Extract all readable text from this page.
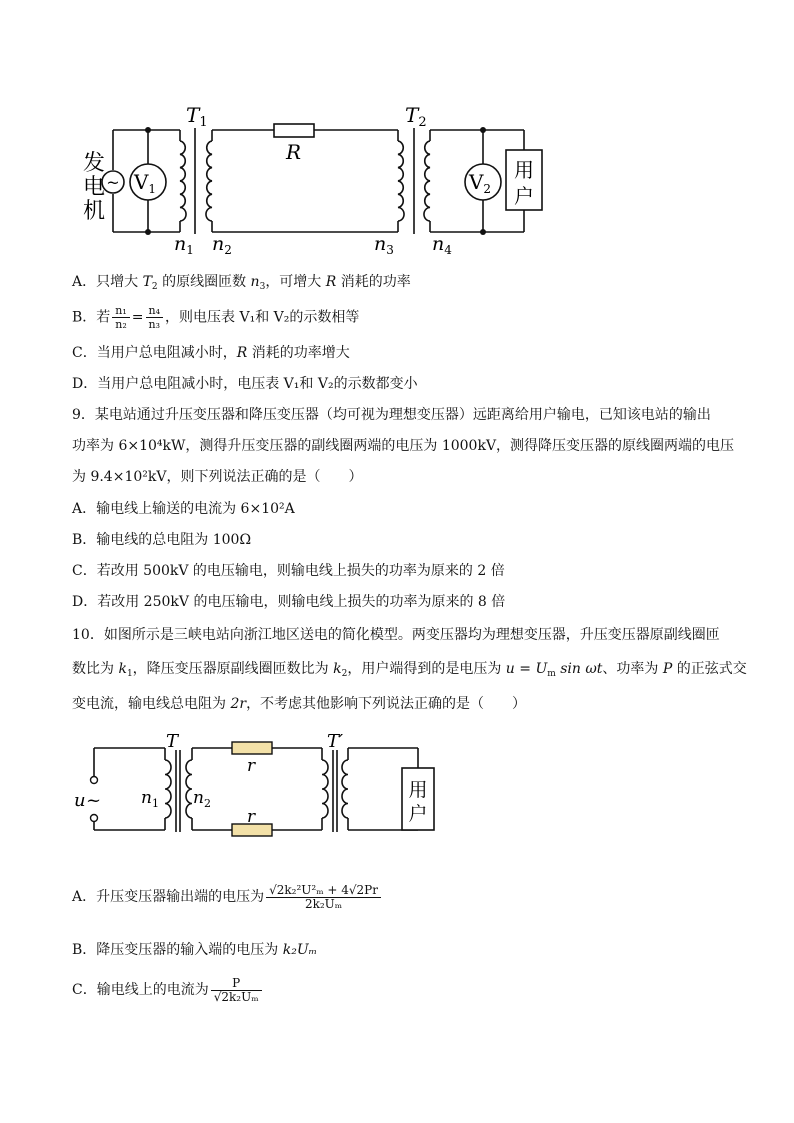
~ $V_1$	$V_2$
用
户
发
电
机
$T_1$	$T_2$
R
$n_1$ $n_2$	$n_3$ $n_4$
A．只增大 $T_2$ 的原线圈匝数 $n_3$，可增大 R 消耗的功率
B．若 $\frac{\text{n₁}}{\text{n₂}} = \frac{\text{n₄}}{\text{n₃}}$ ，则电压表 V₁和 V₂的示数相等
C．当用户总电阻减小时，R 消耗的功率增大
D．当用户总电阻减小时，电压表 V₁和 V₂的示数都变小
9．某电站通过升压变压器和降压变压器（均可视为理想变压器）远距离给用户输电，已知该电站的输出
功率为 6×10⁴kW，测得升压变压器的副线圈两端的电压为 1000kV，测得降压变压器的原线圈两端的电压
为 9.4×10²kV，则下列说法正确的是（　　）
A．输电线上输送的电流为 6×10²A
B．输电线的总电阻为 100Ω
C．若改用 500kV 的电压输电，则输电线上损失的功率为原来的 2 倍
D．若改用 250kV 的电压输电，则输电线上损失的功率为原来的 8 倍
10．如图所示是三峡电站向浙江地区送电的简化模型。两变压器均为理想变压器，升压变压器原副线圈匝
数比为 $k_1$，降压变压器原副线圈匝数比为 $k_2$，用户端得到的是电压为 $u = U_m$ sin ωt、功率为 P 的正弦式交
变电流，输电线总电阻为 2r，不考虑其他影响下列说法正确的是（　　）
用
户
T	T′
u ~ $n_1$ $n_2$
r
r
A．升压变压器输出端的电压为 $\frac{\text{√2k₂²U²ₘ + 4√2Pr}}{\text{2k₂Uₘ}}$
B．降压变压器的输入端的电压为 k₂Uₘ
C．输电线上的电流为 $\frac{P}{\text{√2k₂Uₘ}}$
